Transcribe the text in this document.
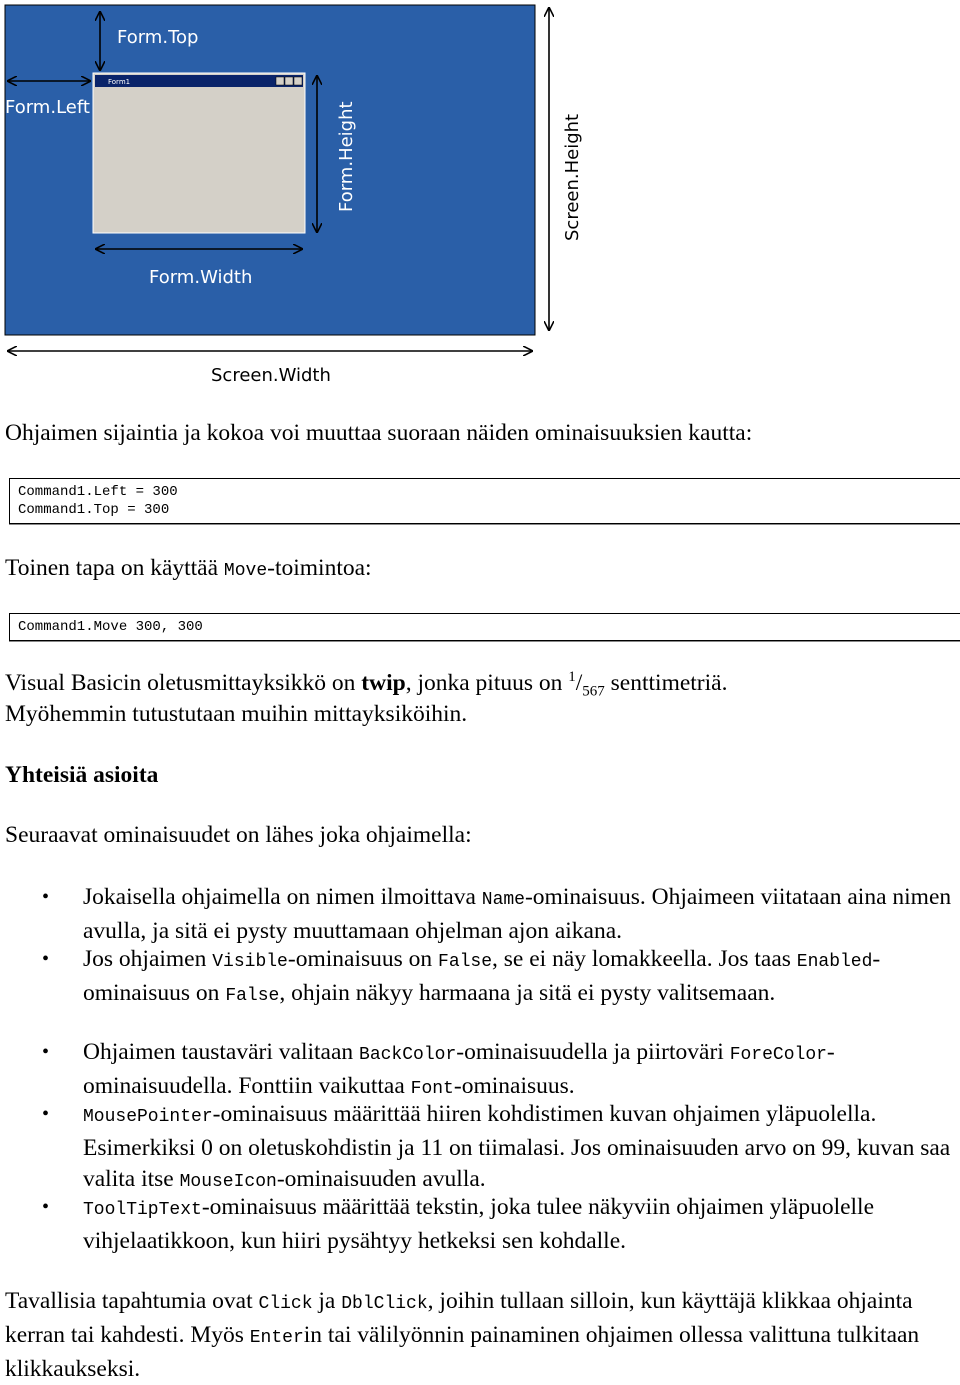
Form1
Form.Top
Form.Left	Form.Height
Form.Width
Screen.Height
Screen.Width

Ohjaimen sijaintia ja kokoa voi muuttaa suoraan näiden ominaisuuksien kautta:

Command1.Left = 300
Command1.Top = 300

Toinen tapa on käyttää Move-toimintoa:

Command1.Move 300, 300

Visual Basicin oletusmittayksikkö on twip, jonka pituus on $^1/_{567}$ senttimetriä.
Myöhemmin tutustutaan muihin mittayksiköihin.

Yhteisiä asioita

Seuraavat ominaisuudet on lähes joka ohjaimella:

• Jokaisella ohjaimella on nimen ilmoittava Name-ominaisuus. Ohjaimeen viitataan aina nimen avulla, ja sitä ei pysty muuttamaan ohjelman ajon aikana.
• Jos ohjaimen Visible-ominaisuus on False, se ei näy lomakkeella. Jos taas Enabled-ominaisuus on False, ohjain näkyy harmaana ja sitä ei pysty valitsemaan.
• Ohjaimen taustaväri valitaan BackColor-ominaisuudella ja piirtoväri ForeColor-ominaisuudella. Fonttiin vaikuttaa Font-ominaisuus.
• MousePointer-ominaisuus määrittää hiiren kohdistimen kuvan ohjaimen yläpuolella. Esimerkiksi 0 on oletuskohdistin ja 11 on tiimalasi. Jos ominaisuuden arvo on 99, kuvan saa valita itse MouseIcon-ominaisuuden avulla.
• ToolTipText-ominaisuus määrittää tekstin, joka tulee näkyviin ohjaimen yläpuolelle vihjelaatikkoon, kun hiiri pysähtyy hetkeksi sen kohdalle.

Tavallisia tapahtumia ovat Click ja DblClick, joihin tullaan silloin, kun käyttäjä klikkaa ohjainta kerran tai kahdesti. Myös Enterin tai välilyönnin painaminen ohjaimen ollessa valittuna tulkitaan klikkaukseksi.
